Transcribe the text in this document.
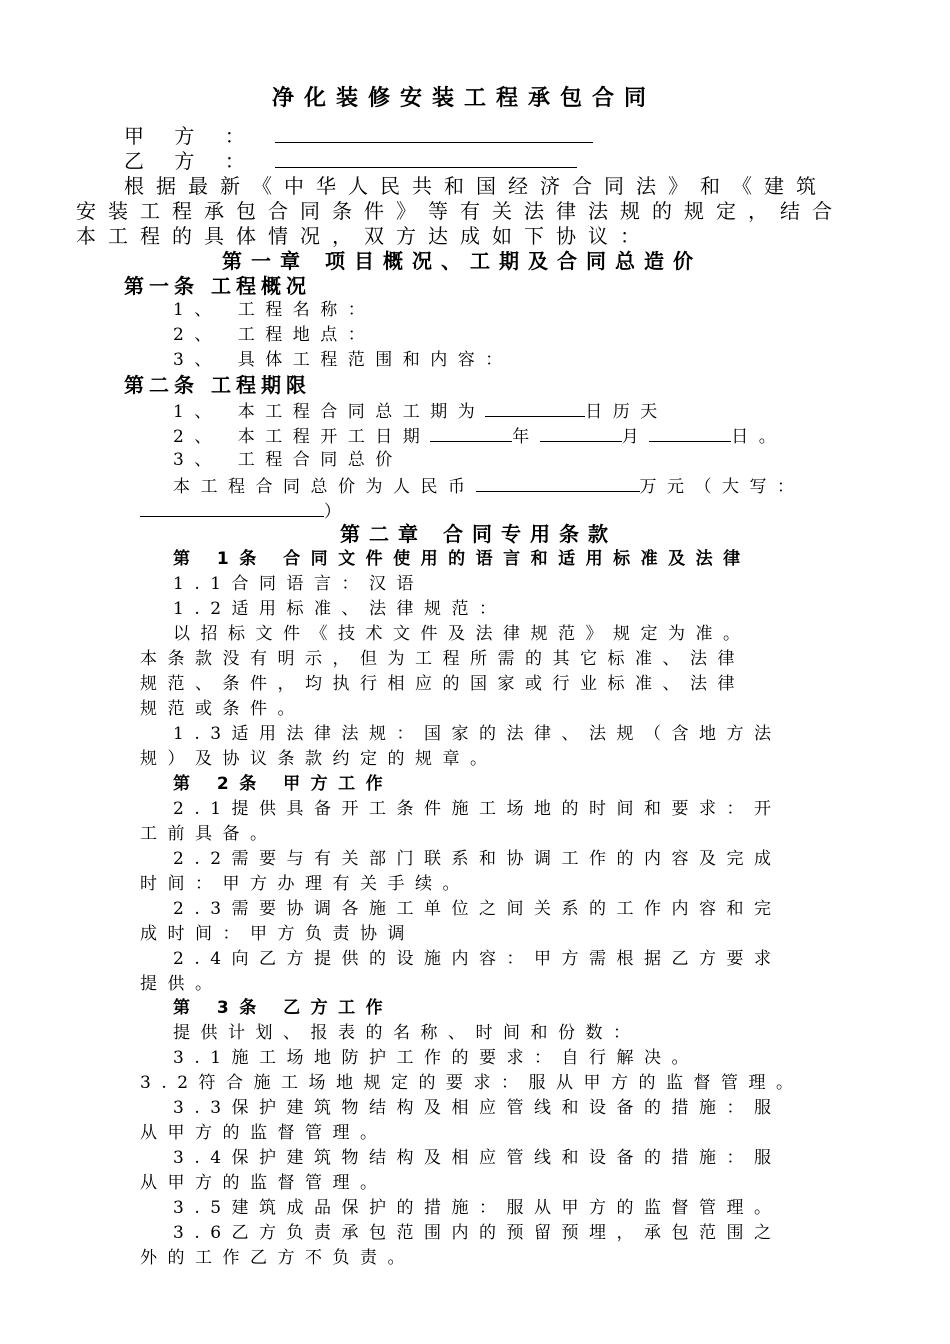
净化装修安装工程承包合同
甲 方 ：
乙 方 ：
根据最新《中华人民共和国经济合同法》和《建筑
安装工程承包合同条件》等有关法律法规的规定，结合
本工程的具体情况，双方达成如下协议：
第一章 项目概况、工期及合同总造价
第一条 工程概况
1、 工程名称：
2、 工程地点：
3、 具体工程范围和内容：
第二条 工程期限
1、 本工程合同总工期为	日历天
2、 本工程开工日期	年	月	日。
3、 工程合同总价
本工程合同总价为人民币	万元（大写：
）
第二章 合同专用条款
第 1条 合同文件使用的语言和适用标准及法律
1.1合同语言：汉语
1.2适用标准、法律规范：
以招标文件《技术文件及法律规范》规定为准。
本条款没有明示，但为工程所需的其它标准、法律
规范、条件，均执行相应的国家或行业标准、法律
规范或条件。
1.3适用法律法规：国家的法律、法规（含地方法
规）及协议条款约定的规章。
第 2条 甲方工作
2.1提供具备开工条件施工场地的时间和要求：开
工前具备。
2.2需要与有关部门联系和协调工作的内容及完成
时间：甲方办理有关手续。
2.3需要协调各施工单位之间关系的工作内容和完
成时间：甲方负责协调
2.4向乙方提供的设施内容：甲方需根据乙方要求
提供。
第 3条 乙方工作
提供计划、报表的名称、时间和份数：
3.1施工场地防护工作的要求：自行解决。
3.2符合施工场地规定的要求：服从甲方的监督管理。
3.3保护建筑物结构及相应管线和设备的措施：服
从甲方的监督管理。
3.4保护建筑物结构及相应管线和设备的措施：服
从甲方的监督管理。
3.5建筑成品保护的措施：服从甲方的监督管理。
3.6乙方负责承包范围内的预留预埋，承包范围之
外的工作乙方不负责。
